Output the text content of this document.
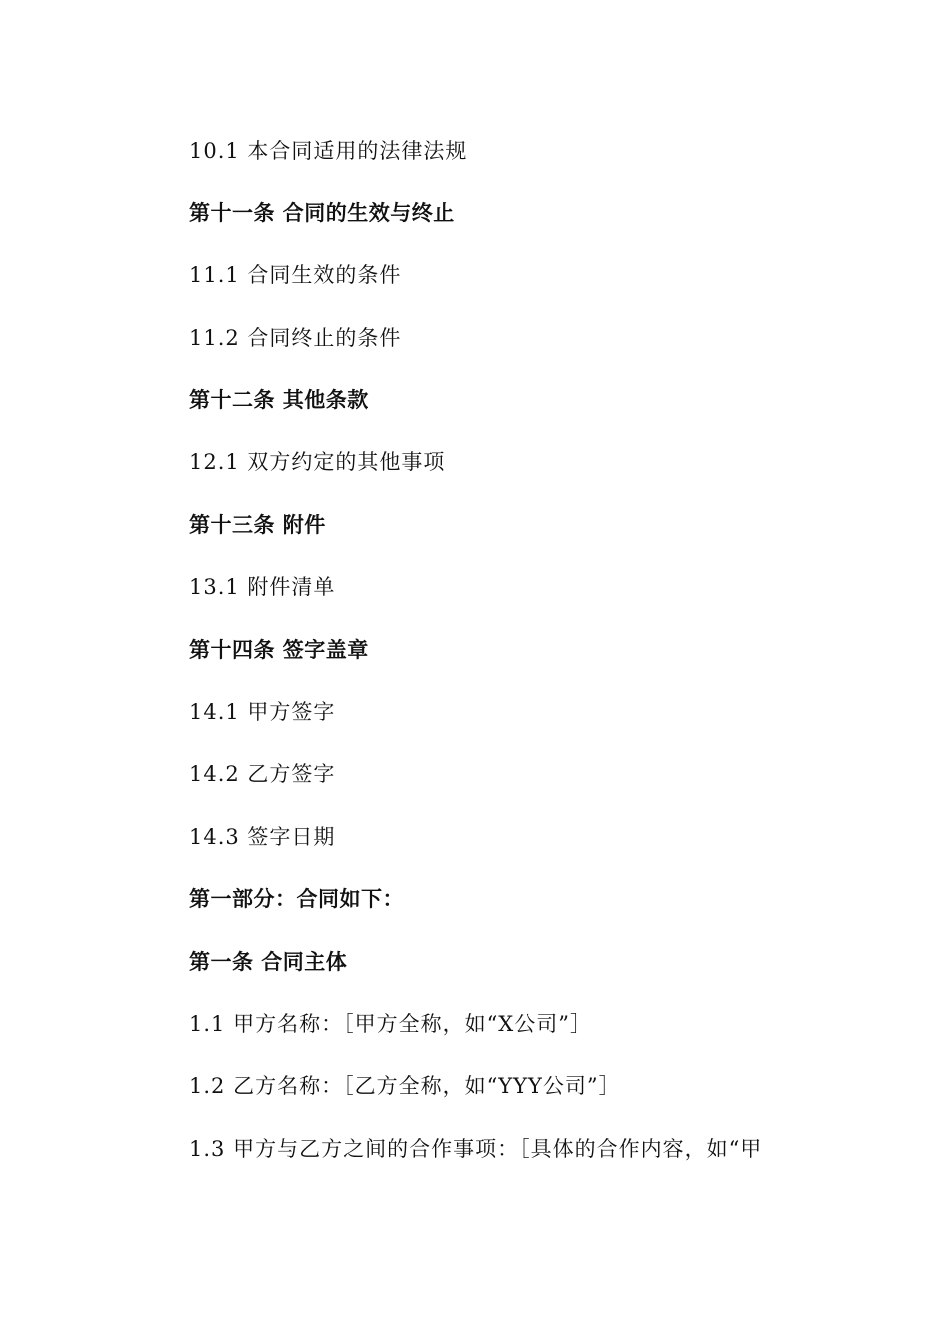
10.1 本合同适用的法律法规
第十一条 合同的生效与终止
11.1 合同生效的条件
11.2 合同终止的条件
第十二条 其他条款
12.1 双方约定的其他事项
第十三条 附件
13.1 附件清单
第十四条 签字盖章
14.1 甲方签字
14.2 乙方签字
14.3 签字日期
第一部分：合同如下：
第一条 合同主体
1.1 甲方名称：［甲方全称，如“X公司”］
1.2 乙方名称：［乙方全称，如“YYY公司”］
1.3 甲方与乙方之间的合作事项：［具体的合作内容，如“甲
